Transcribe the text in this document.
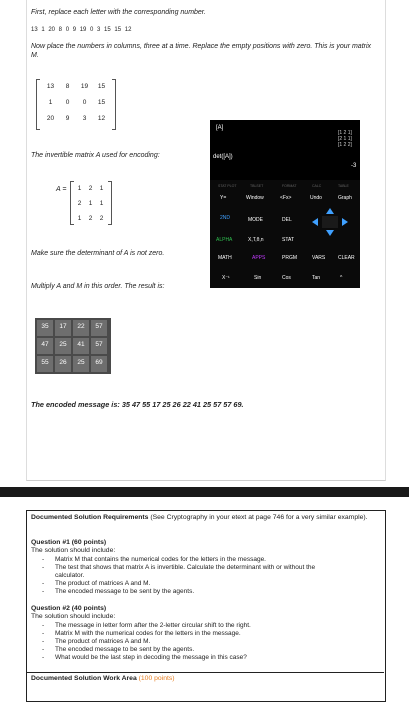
First, replace each letter with the corresponding number.
13 1 20 8 0 9 19 0 3 15 15 12
Now place the numbers in columns, three at a time. Replace the empty positions with zero. This is your matrix M.
13	8	19	15
1	0	0	15
20	9	3	12
The invertible matrix A used for encoding:
A =	1	2	1
2	1	1
1	2	2
Make sure the determinant of A is not zero.
Multiply A and M in this order. The result is:
[A]
[1 2 1]
[2 1 1]
[1 2 2]
det([A])
-3
STAT PLOT	TBLSET	FORMAT	CALC	TABLE
Y=	Window	<Fx>	Undo	Graph
2ND	MODE	DEL
ALPHA	X,T,θ,n	STAT
MATH	APPS	PRGM	VARS	CLEAR
X⁻¹	Sin	Cos	Tan	^
35	17	22	57
47	25	41	57
55	26	25	69
The encoded message is: 35 47 55 17 25 26 22 41 25 57 57 69.
Documented Solution Requirements (See Cryptography in your etext at page 746 for a very similar example).
Question #1 (60 points)
The solution should include:
- Matrix M that contains the numerical codes for the letters in the message.
- The test that shows that matrix A is invertible. Calculate the determinant with or without the calculator.
- The product of matrices A and M.
- The encoded message to be sent by the agents.
Question #2 (40 points)
The solution should include:
- The message in letter form after the 2-letter circular shift to the right.
- Matrix M with the numerical codes for the letters in the message.
- The product of matrices A and M.
- The encoded message to be sent by the agents.
- What would be the last step in decoding the message in this case?
Documented Solution Work Area (100 points)
